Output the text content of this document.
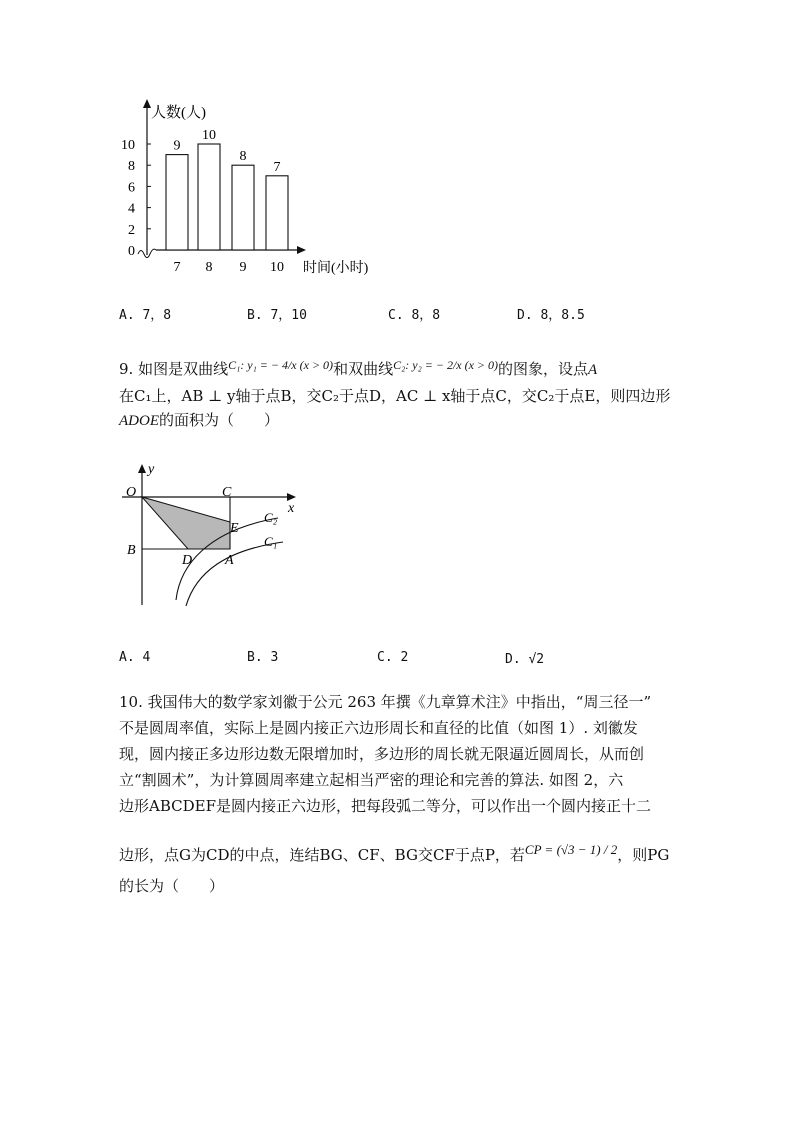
0
2
4
6
8
10	9
7
10
8
8
9
7
10
人数(人)
时间(小时)
A. 7，8	B. 7，10	C. 8，8	D. 8，8.5
9. 如图是双曲线$^{C_1: y_1 = - 4/x (x > 0)}$和双曲线$^{C_2: y_2 = - 2/x (x > 0)}$的图象，设点A
在C₁上，AB ⊥ y轴于点B，交C₂于点D，AC ⊥ x轴于点C，交C₂于点E，则四边形
ADOE的面积为（　　）
y
x
O	C
E
B
D A
C₂
C₁
A. 4	B. 3	C. 2	D. √2
10. 我国伟大的数学家刘徽于公元 263 年撰《九章算术注》中指出，“周三径一”
不是圆周率值，实际上是圆内接正六边形周长和直径的比值（如图 1）. 刘徽发
现，圆内接正多边形边数无限增加时，多边形的周长就无限逼近圆周长，从而创
立“割圆术”，为计算圆周率建立起相当严密的理论和完善的算法. 如图 2，六
边形ABCDEF是圆内接正六边形，把每段弧二等分，可以作出一个圆内接正十二
边形，点G为CD的中点，连结BG、CF、BG交CF于点P，若CP = (√3 − 1) / 2，则PG
的长为（　　）
